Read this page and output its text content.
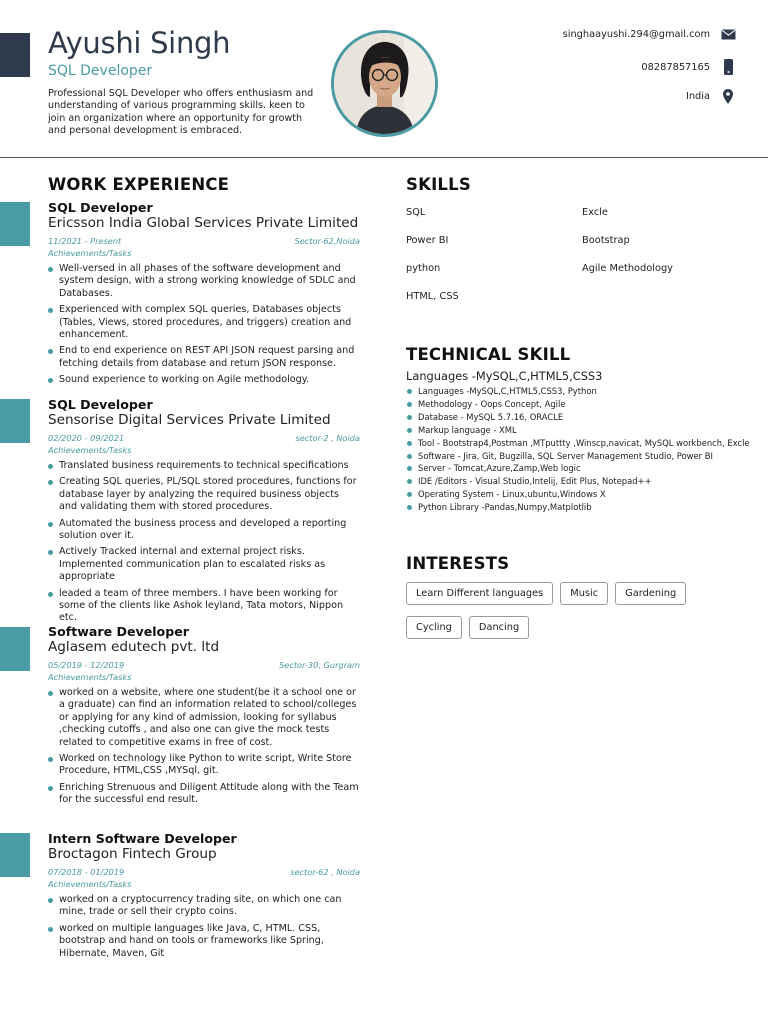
Ayushi Singh
SQL Developer
Professional SQL Developer who offers enthusiasm and understanding of various programming skills. keen to join an organization where an opportunity for growth and personal development is embraced.
singhaayushi.294@gmail.com
08287857165
India
WORK EXPERIENCE
SQL Developer
Ericsson India Global Services Private Limited
11/2021 - Present	Sector-62,Noida
Achievements/Tasks
Well-versed in all phases of the software development and system design, with a strong working knowledge of SDLC and Databases.
Experienced with complex SQL queries, Databases objects (Tables, Views, stored procedures, and triggers) creation and enhancement.
End to end experience on REST API JSON request parsing and fetching details from database and return JSON response.
Sound experience to working on Agile methodology.
SQL Developer
Sensorise Digital Services Private Limited
02/2020 - 09/2021	sector-2 , Noida
Achievements/Tasks
Translated business requirements to technical specifications
Creating SQL queries, PL/SQL stored procedures, functions for database layer by analyzing the required business objects and validating them with stored procedures.
Automated the business process and developed a reporting solution over it.
Actively Tracked internal and external project risks. Implemented communication plan to escalated risks as appropriate
leaded a team of three members. I have been working for some of the clients like Ashok leyland, Tata motors, Nippon etc.
Software Developer
Aglasem edutech pvt. ltd
05/2019 - 12/2019	Sector-30, Gurgram
Achievements/Tasks
worked on a website, where one student(be it a school one or a graduate) can find an information related to school/colleges or applying for any kind of admission, looking for syllabus ,checking cutoffs , and also one can give the mock tests related to competitive exams in free of cost.
Worked on technology like Python to write script, Write Store Procedure, HTML,CSS ,MYSql, git.
Enriching Strenuous and Diligent Attitude along with the Team for the successful end result.
Intern Software Developer
Broctagon Fintech Group
07/2018 - 01/2019	sector-62 , Noida
Achievements/Tasks
worked on a cryptocurrency trading site, on which one can mine, trade or sell their crypto coins.
worked on multiple languages like Java, C, HTML. CSS, bootstrap and hand on tools or frameworks like Spring, Hibernate, Maven, Git
SKILLS
SQL	Excle
Power BI	Bootstrap
python	Agile Methodology
HTML, CSS
TECHNICAL SKILL
Languages -MySQL,C,HTML5,CSS3
Languages -MySQL,C,HTML5,CSS3, Python
Methodology - Oops Concept, Agile
Database - MySQL 5.7.16, ORACLE
Markup language - XML
Tool - Bootstrap4,Postman ,MTputtty ,Winscp,navicat, MySQL workbench, Excle
Software - Jira, Git, Bugzilla, SQL Server Management Studio, Power BI
Server - Tomcat,Azure,Zamp,Web logic
IDE /Editors - Visual Studio,Intelij, Edit Plus, Notepad++
Operating System - Linux,ubuntu,Windows X
Python Library -Pandas,Numpy,Matplotlib
INTERESTS
Learn Different languages	Music	Gardening
Cycling	Dancing
